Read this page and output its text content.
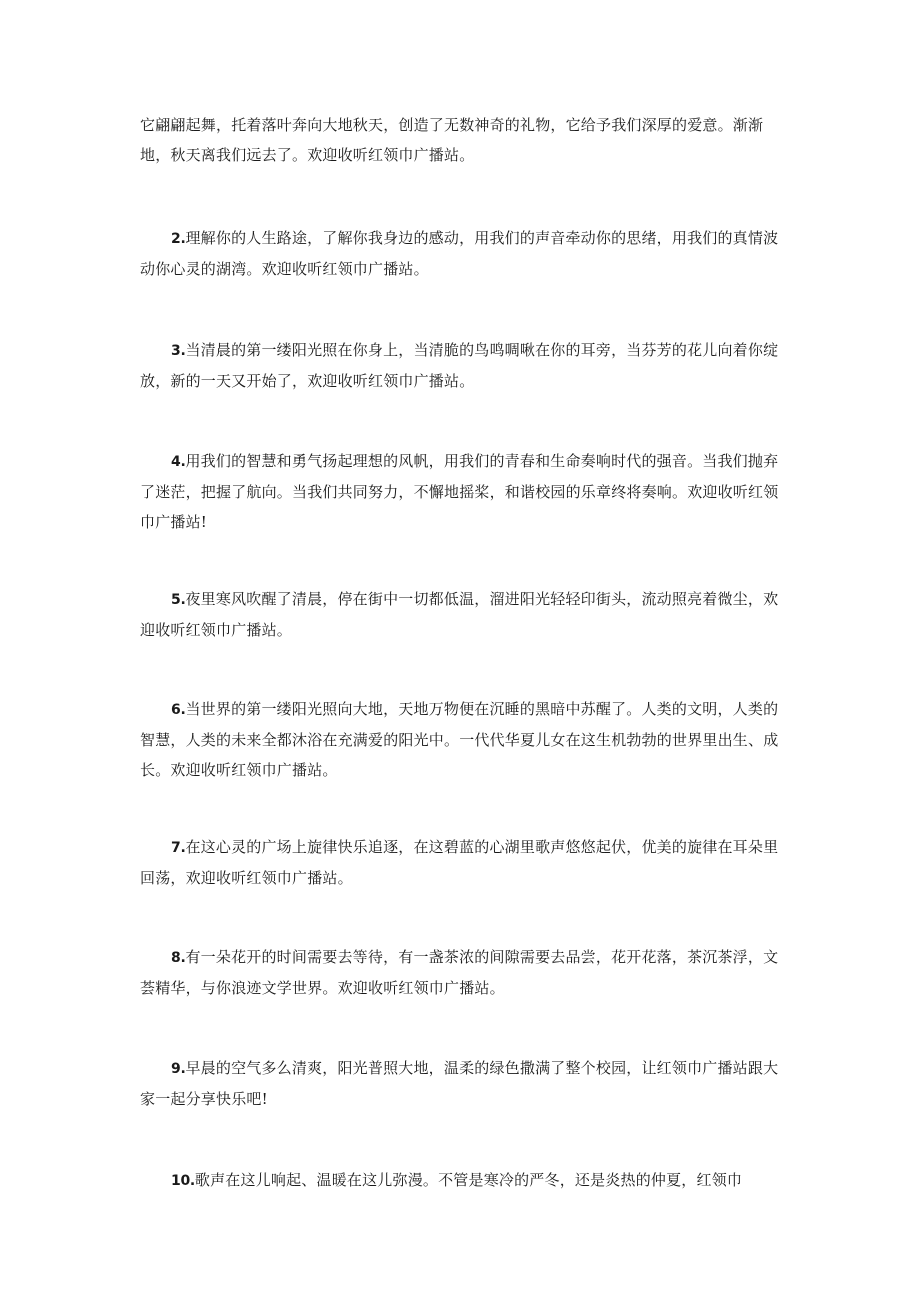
它翩翩起舞，托着落叶奔向大地秋天，创造了无数神奇的礼物，它给予我们深厚的爱意。渐渐地，秋天离我们远去了。欢迎收听红领巾广播站。

2.理解你的人生路途，了解你我身边的感动，用我们的声音牵动你的思绪，用我们的真情波动你心灵的湖湾。欢迎收听红领巾广播站。

3.当清晨的第一缕阳光照在你身上，当清脆的鸟鸣啁啾在你的耳旁，当芬芳的花儿向着你绽放，新的一天又开始了，欢迎收听红领巾广播站。

4.用我们的智慧和勇气扬起理想的风帆，用我们的青春和生命奏响时代的强音。当我们抛弃了迷茫，把握了航向。当我们共同努力，不懈地摇桨，和谐校园的乐章终将奏响。欢迎收听红领巾广播站!

5.夜里寒风吹醒了清晨，停在街中一切都低温，溜进阳光轻轻印街头，流动照亮着微尘，欢迎收听红领巾广播站。

6.当世界的第一缕阳光照向大地，天地万物便在沉睡的黑暗中苏醒了。人类的文明，人类的智慧，人类的未来全都沐浴在充满爱的阳光中。一代代华夏儿女在这生机勃勃的世界里出生、成长。欢迎收听红领巾广播站。

7.在这心灵的广场上旋律快乐追逐，在这碧蓝的心湖里歌声悠悠起伏，优美的旋律在耳朵里回荡，欢迎收听红领巾广播站。

8.有一朵花开的时间需要去等待，有一盏茶浓的间隙需要去品尝，花开花落，茶沉茶浮，文荟精华，与你浪迹文学世界。欢迎收听红领巾广播站。

9.早晨的空气多么清爽，阳光普照大地，温柔的绿色撒满了整个校园，让红领巾广播站跟大家一起分享快乐吧!

10.歌声在这儿响起、温暖在这儿弥漫。不管是寒冷的严冬，还是炎热的仲夏，红领巾
